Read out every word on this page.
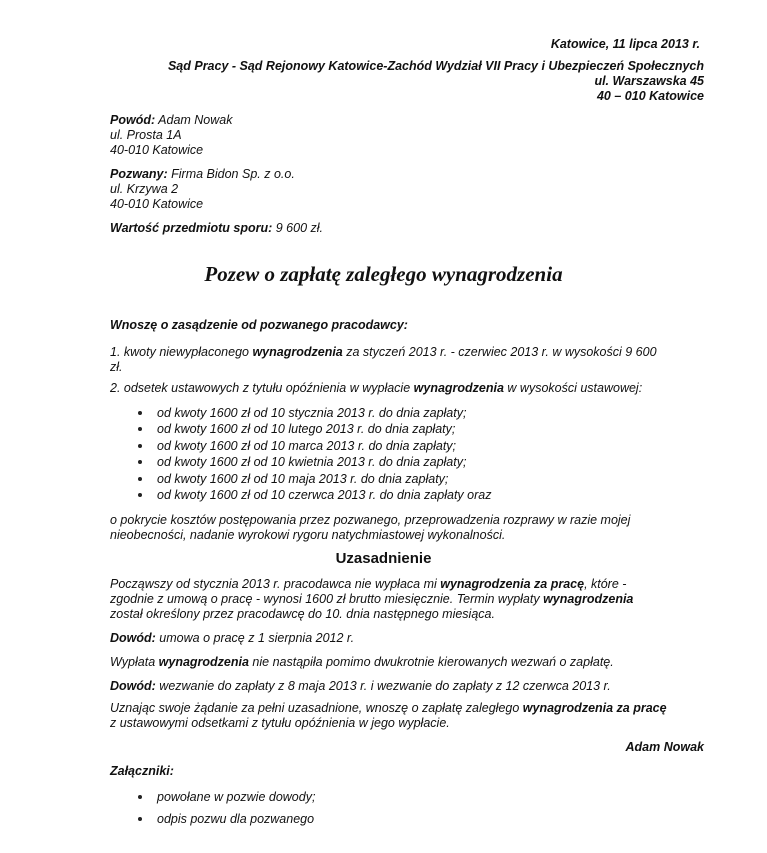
Katowice, 11 lipca 2013 r.

Sąd Pracy - Sąd Rejonowy Katowice-Zachód Wydział VII Pracy i Ubezpieczeń Społecznych

ul. Warszawska 45

40 – 010 Katowice

Powód: Adam Nowak

ul. Prosta 1A

40-010 Katowice

Pozwany: Firma Bidon Sp. z o.o.

ul. Krzywa 2

40-010 Katowice

Wartość przedmiotu sporu: 9 600 zł.

Pozew o zapłatę zaległego wynagrodzenia

Wnoszę o zasądzenie od pozwanego pracodawcy:

1. kwoty niewypłaconego wynagrodzenia za styczeń 2013 r. - czerwiec 2013 r. w wysokości 9 600

zł.

2. odsetek ustawowych z tytułu opóźnienia w wypłacie wynagrodzenia w wysokości ustawowej:

od kwoty 1600 zł od 10 stycznia 2013 r. do dnia zapłaty;
od kwoty 1600 zł od 10 lutego 2013 r. do dnia zapłaty;
od kwoty 1600 zł od 10 marca 2013 r. do dnia zapłaty;
od kwoty 1600 zł od 10 kwietnia 2013 r. do dnia zapłaty;
od kwoty 1600 zł od 10 maja 2013 r. do dnia zapłaty;
od kwoty 1600 zł od 10 czerwca 2013 r. do dnia zapłaty oraz

o pokrycie kosztów postępowania przez pozwanego, przeprowadzenia rozprawy w razie mojej

nieobecności, nadanie wyrokowi rygoru natychmiastowej wykonalności.

Uzasadnienie

Począwszy od stycznia 2013 r. pracodawca nie wypłaca mi wynagrodzenia za pracę, które -

zgodnie z umową o pracę - wynosi 1600 zł brutto miesięcznie. Termin wypłaty wynagrodzenia

został określony przez pracodawcę do 10. dnia następnego miesiąca.

Dowód: umowa o pracę z 1 sierpnia 2012 r.

Wypłata wynagrodzenia nie nastąpiła pomimo dwukrotnie kierowanych wezwań o zapłatę.

Dowód: wezwanie do zapłaty z 8 maja 2013 r. i wezwanie do zapłaty z 12 czerwca 2013 r.

Uznając swoje żądanie za pełni uzasadnione, wnoszę o zapłatę zaległego wynagrodzenia za pracę

z ustawowymi odsetkami z tytułu opóźnienia w jego wypłacie.

Adam Nowak

Załączniki:

powołane w pozwie dowody;
odpis pozwu dla pozwanego
